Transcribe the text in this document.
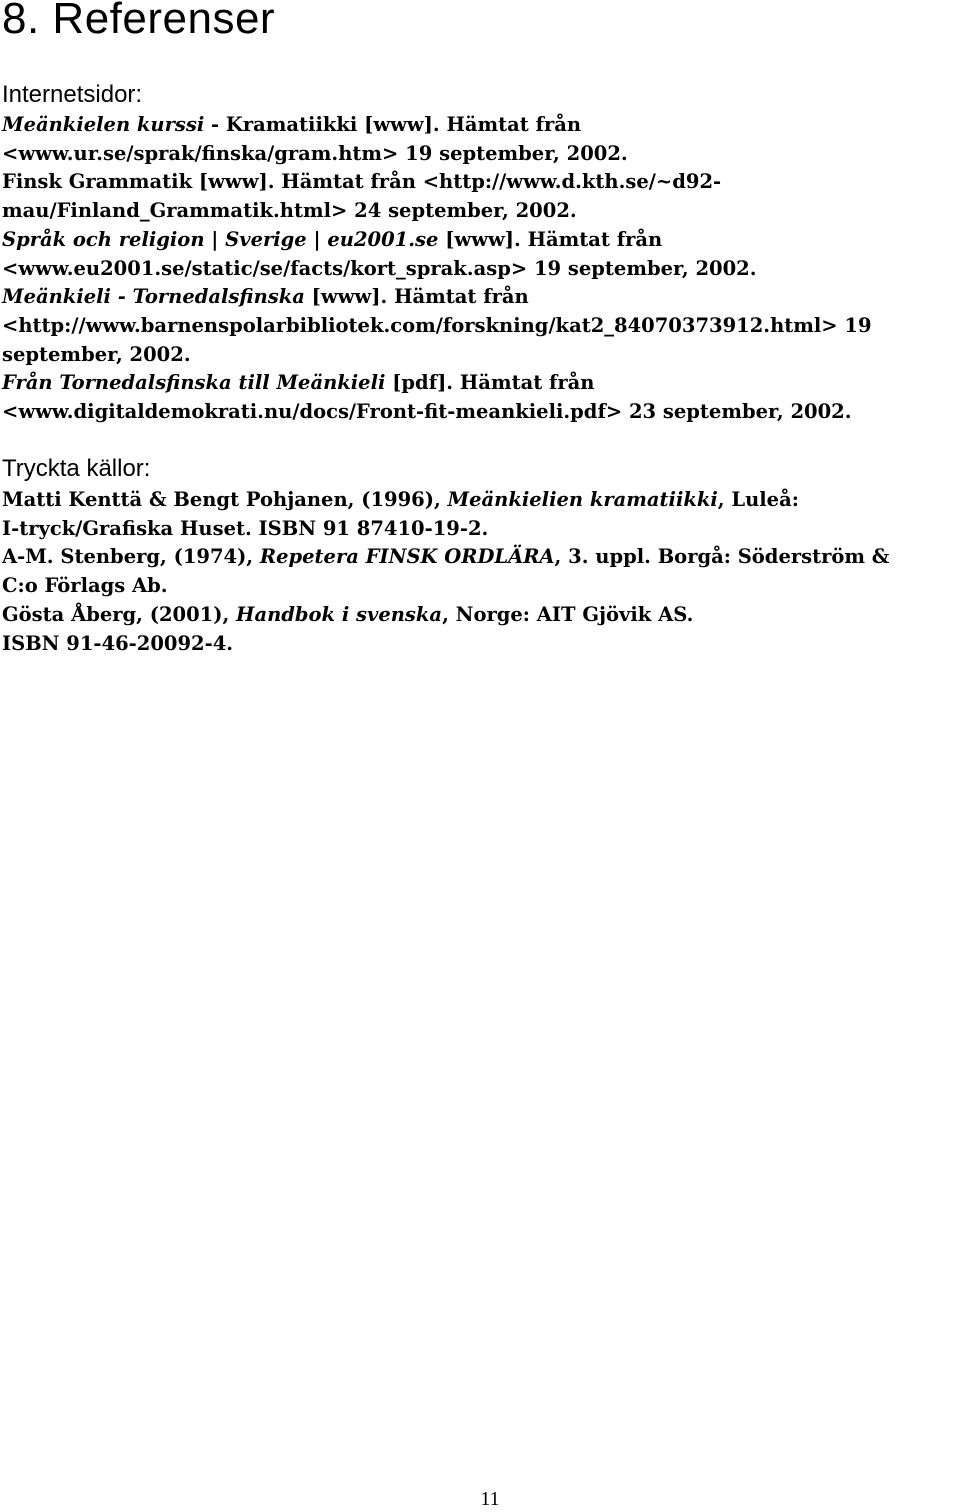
8. Referenser
Internetsidor:

Meänkielen kurssi - Kramatiikki [www]. Hämtat från
<www.ur.se/sprak/finska/gram.htm> 19 september, 2002.

Finsk Grammatik [www]. Hämtat från <http://www.d.kth.se/~d92-
mau/Finland_Grammatik.html> 24 september, 2002.

Språk och religion | Sverige | eu2001.se [www]. Hämtat från
<www.eu2001.se/static/se/facts/kort_sprak.asp> 19 september, 2002.

Meänkieli - Tornedalsfinska [www]. Hämtat från
<http://www.barnenspolarbibliotek.com/forskning/kat2_84070373912.html> 19
september, 2002.

Från Tornedalsfinska till Meänkieli [pdf]. Hämtat från
<www.digitaldemokrati.nu/docs/Front-fit-meankieli.pdf> 23 september, 2002.

Tryckta källor:

Matti Kenttä & Bengt Pohjanen, (1996), Meänkielien kramatiikki, Luleå:
I-tryck/Grafiska Huset. ISBN 91 87410-19-2.

A-M. Stenberg, (1974), Repetera FINSK ORDLÄRA, 3. uppl. Borgå: Söderström &
C:o Förlags Ab.

Gösta Åberg, (2001), Handbok i svenska, Norge: AIT Gjövik AS.
ISBN 91-46-20092-4.

11
